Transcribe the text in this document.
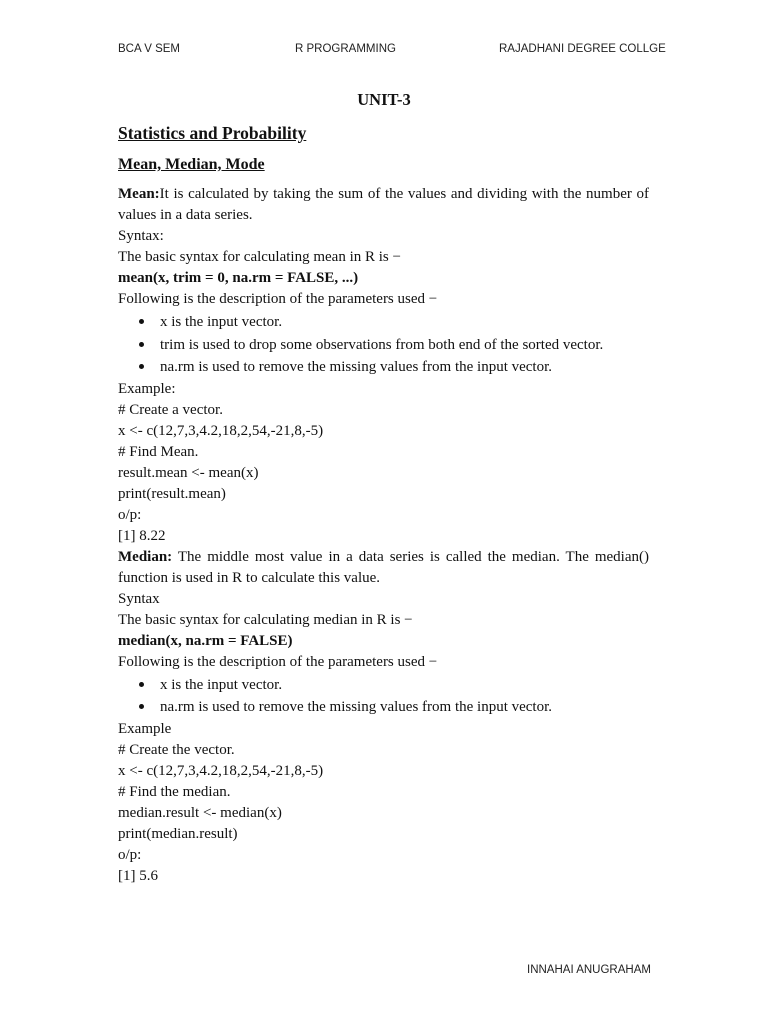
BCA V SEM	R PROGRAMMING	RAJADHANI DEGREE COLLGE
UNIT-3
Statistics and Probability
Mean, Median, Mode
Mean:It is calculated by taking the sum of the values and dividing with the number of values in a data series.
Syntax:
The basic syntax for calculating mean in R is −
mean(x, trim = 0, na.rm = FALSE, ...)
Following is the description of the parameters used −
x is the input vector.
trim is used to drop some observations from both end of the sorted vector.
na.rm is used to remove the missing values from the input vector.
Example:
# Create a vector.
x <- c(12,7,3,4.2,18,2,54,-21,8,-5)
# Find Mean.
result.mean <- mean(x)
print(result.mean)
o/p:
[1] 8.22
Median: The middle most value in a data series is called the median. The median() function is used in R to calculate this value.
Syntax
The basic syntax for calculating median in R is −
median(x, na.rm = FALSE)
Following is the description of the parameters used −
x is the input vector.
na.rm is used to remove the missing values from the input vector.
Example
# Create the vector.
x <- c(12,7,3,4.2,18,2,54,-21,8,-5)
# Find the median.
median.result <- median(x)
print(median.result)
o/p:
[1] 5.6
INNAHAI ANUGRAHAM
